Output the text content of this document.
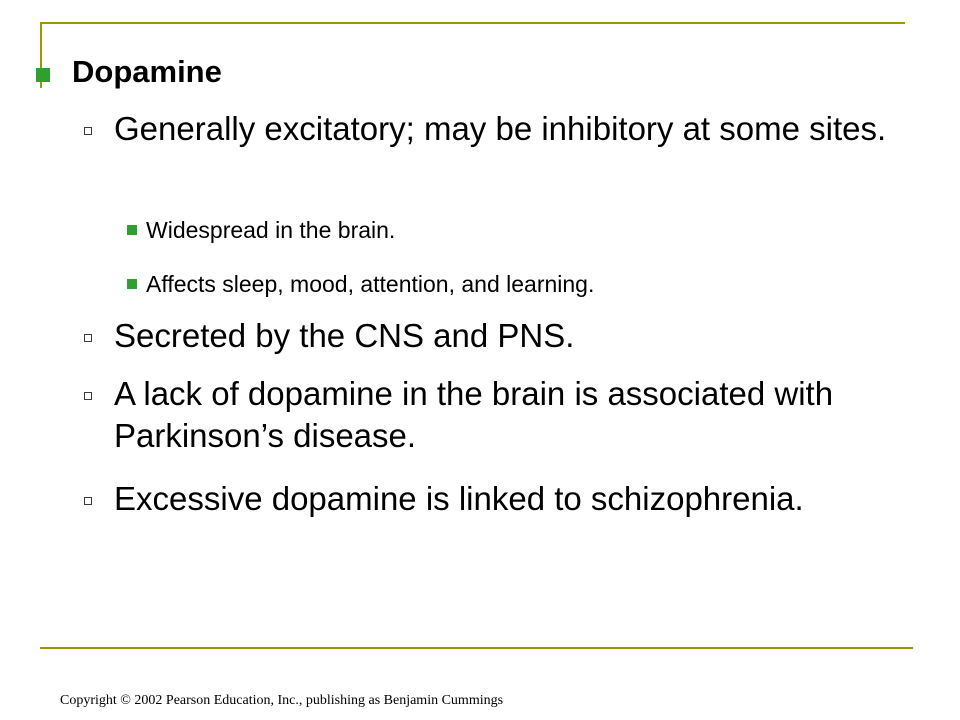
Dopamine
Generally excitatory; may be inhibitory at some sites.
Widespread in the brain.
Affects sleep, mood, attention, and learning.
Secreted by the CNS and PNS.
A lack of dopamine in the brain is associated with Parkinson’s disease.
Excessive dopamine is linked to schizophrenia.
Copyright © 2002 Pearson Education, Inc., publishing as Benjamin Cummings
